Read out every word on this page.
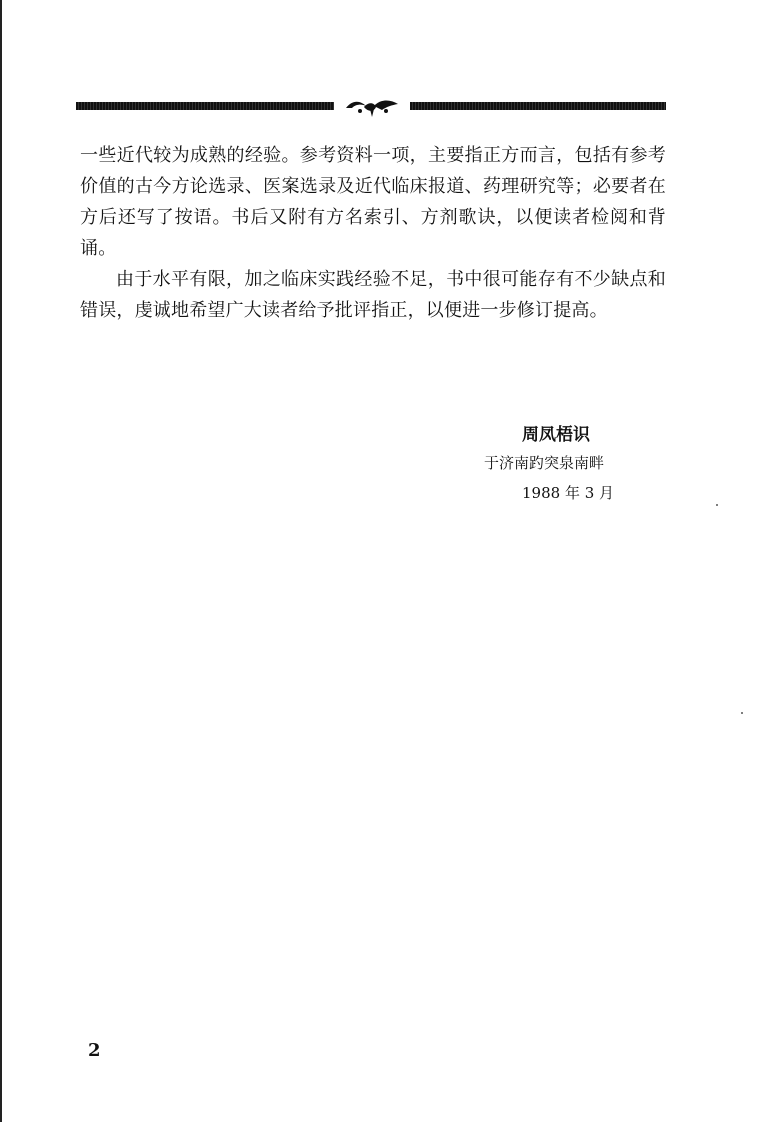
一些近代较为成熟的经验。参考资料一项，主要指正方而言，包括有参考价值的古今方论选录、医案选录及近代临床报道、药理研究等；必要者在方后还写了按语。书后又附有方名索引、方剂歌诀，以便读者检阅和背诵。

由于水平有限，加之临床实践经验不足，书中很可能存有不少缺点和错误，虔诚地希望广大读者给予批评指正，以便进一步修订提高。

周凤梧识
于济南趵突泉南畔
1988 年 3 月
2
